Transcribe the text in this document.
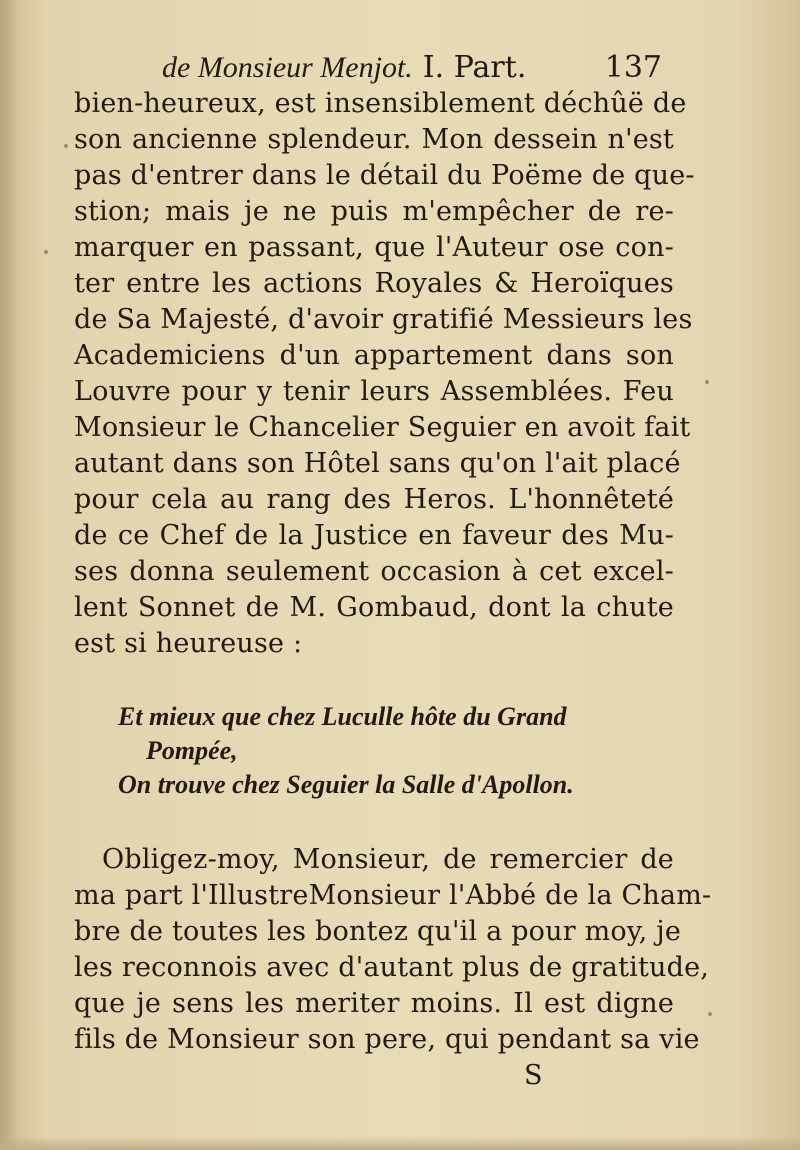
de Monsieur Menjot. I. Part.	137
bien-heureux, est insensiblement déchûë de
son ancienne splendeur. Mon dessein n'est
pas d'entrer dans le détail du Poëme de que-
stion; mais je ne puis m'empêcher de re-
marquer en passant, que l'Auteur ose con-
ter entre les actions Royales & Heroïques
de Sa Majesté, d'avoir gratifié Messieurs les
Academiciens d'un appartement dans son
Louvre pour y tenir leurs Assemblées. Feu
Monsieur le Chancelier Seguier en avoit fait
autant dans son Hôtel sans qu'on l'ait placé
pour cela au rang des Heros. L'honnêteté
de ce Chef de la Justice en faveur des Mu-
ses donna seulement occasion à cet excel-
lent Sonnet de M. Gombaud, dont la chute
est si heureuse :
Et mieux que chez Luculle hôte du Grand
Pompée,
On trouve chez Seguier la Salle d'Apollon.
Obligez-moy, Monsieur, de remercier de
ma part l'IllustreMonsieur l'Abbé de la Cham-
bre de toutes les bontez qu'il a pour moy, je
les reconnois avec d'autant plus de gratitude,
que je sens les meriter moins. Il est digne
fils de Monsieur son pere, qui pendant sa vie
S
